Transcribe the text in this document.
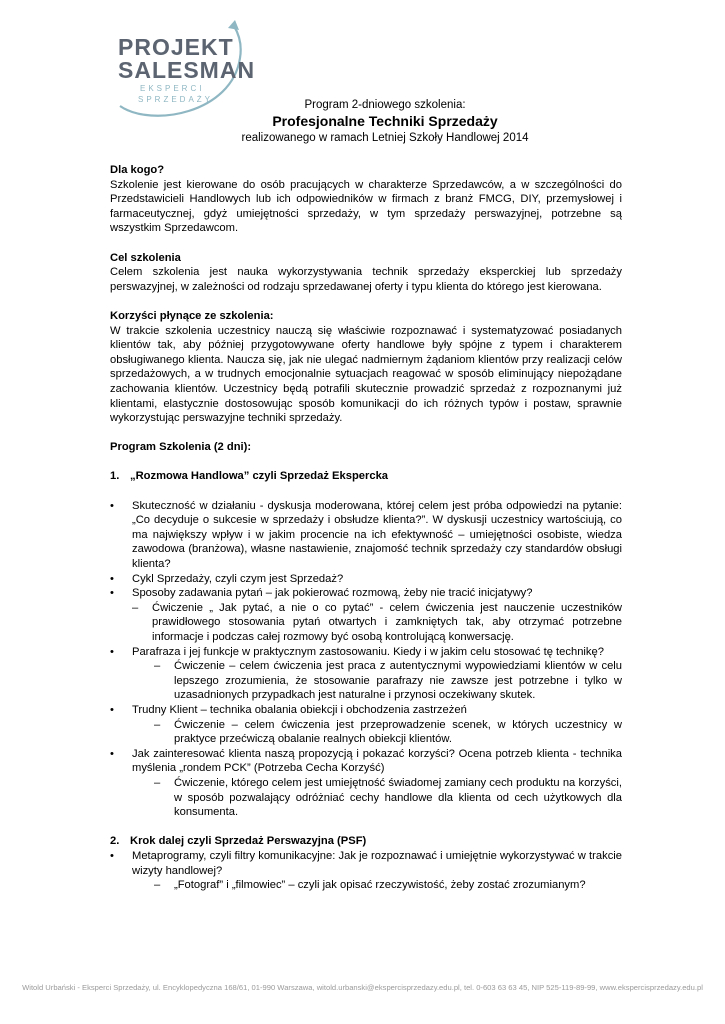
PROJEKT
SALESMAN
EKSPERCI
SPRZEDAŻY	Program 2-dniowego szkolenia:
Profesjonalne Techniki Sprzedaży
realizowanego w ramach Letniej Szkoły Handlowej 2014

Dla kogo?

Szkolenie jest kierowane do osób pracujących w charakterze Sprzedawców, a w szczególności do Przedstawicieli Handlowych lub ich odpowiedników w firmach z branż FMCG, DIY, przemysłowej i farmaceutycznej, gdyż umiejętności sprzedaży, w tym sprzedaży perswazyjnej, potrzebne są wszystkim Sprzedawcom.

Cel szkolenia

Celem szkolenia jest nauka wykorzystywania technik sprzedaży eksperckiej lub sprzedaży perswazyjnej, w zależności od rodzaju sprzedawanej oferty i typu klienta do którego jest kierowana.

Korzyści płynące ze szkolenia:

W trakcie szkolenia uczestnicy nauczą się właściwie rozpoznawać i systematyzować posiadanych klientów tak, aby później przygotowywane oferty handlowe były spójne z typem i charakterem obsługiwanego klienta. Naucza się, jak nie ulegać nadmiernym żądaniom klientów przy realizacji celów sprzedażowych, a w trudnych emocjonalnie sytuacjach reagować w sposób eliminujący niepożądane zachowania klientów. Uczestnicy będą potrafili skutecznie prowadzić sprzedaż z rozpoznanymi już klientami, elastycznie dostosowując sposób komunikacji do ich różnych typów i postaw, sprawnie wykorzystując perswazyjne techniki sprzedaży.

Program Szkolenia (2 dni):

1. „Rozmowa Handlowa” czyli Sprzedaż Ekspercka

• Skuteczność w działaniu - dyskusja moderowana, której celem jest próba odpowiedzi na pytanie: „Co decyduje o sukcesie w sprzedaży i obsłudze klienta?”. W dyskusji uczestnicy wartościują, co ma największy wpływ i w jakim procencie na ich efektywność – umiejętności osobiste, wiedza zawodowa (branżowa), własne nastawienie, znajomość technik sprzedaży czy standardów obsługi klienta?

• Cykl Sprzedaży, czyli czym jest Sprzedaż?

• Sposoby zadawania pytań – jak pokierować rozmową, żeby nie tracić inicjatywy?

– Ćwiczenie „ Jak pytać, a nie o co pytać” - celem ćwiczenia jest nauczenie uczestników prawidłowego stosowania pytań otwartych i zamkniętych tak, aby otrzymać potrzebne informacje i podczas całej rozmowy być osobą kontrolującą konwersację.

• Parafraza i jej funkcje w praktycznym zastosowaniu. Kiedy i w jakim celu stosować tę technikę?

– Ćwiczenie – celem ćwiczenia jest praca z autentycznymi wypowiedziami klientów w celu lepszego zrozumienia, że stosowanie parafrazy nie zawsze jest potrzebne i tylko w uzasadnionych przypadkach jest naturalne i przynosi oczekiwany skutek.

• Trudny Klient – technika obalania obiekcji i obchodzenia zastrzeżeń

– Ćwiczenie – celem ćwiczenia jest przeprowadzenie scenek, w których uczestnicy w praktyce przećwiczą obalanie realnych obiekcji klientów.

• Jak zainteresować klienta naszą propozycją i pokazać korzyści? Ocena potrzeb klienta - technika myślenia „rondem PCK” (Potrzeba Cecha Korzyść)

– Ćwiczenie, którego celem jest umiejętność świadomej zamiany cech produktu na korzyści, w sposób pozwalający odróżniać cechy handlowe dla klienta od cech użytkowych dla konsumenta.

2. Krok dalej czyli Sprzedaż Perswazyjna (PSF)

• Metaprogramy, czyli filtry komunikacyjne: Jak je rozpoznawać i umiejętnie wykorzystywać w trakcie wizyty handlowej?

– „Fotograf” i „filmowiec” – czyli jak opisać rzeczywistość, żeby zostać zrozumianym?

Witold Urbański - Eksperci Sprzedaży, ul. Encyklopedyczna 168/61, 01-990 Warszawa, witold.urbanski@ekspercisprzedazy.edu.pl, tel. 0-603 63 63 45, NIP 525-119-89-99, www.ekspercisprzedazy.edu.pl
